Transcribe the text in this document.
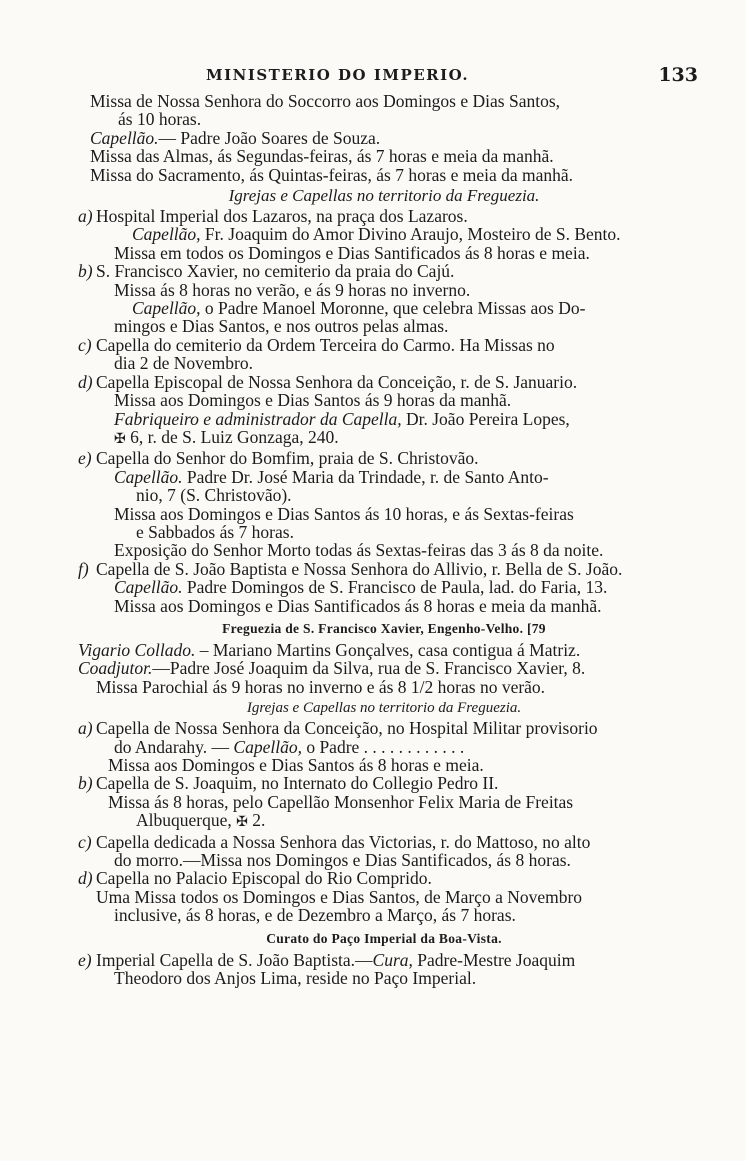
MINISTERIO DO IMPERIO.	133
Missa de Nossa Senhora do Soccorro aos Domingos e Dias Santos,
ás 10 horas.
Capellão.— Padre João Soares de Souza.
Missa das Almas, ás Segundas-feiras, ás 7 horas e meia da manhã.
Missa do Sacramento, ás Quintas-feiras, ás 7 horas e meia da manhã.
Igrejas e Capellas no territorio da Freguezia.
a) Hospital Imperial dos Lazaros, na praça dos Lazaros.
Capellão, Fr. Joaquim do Amor Divino Araujo, Mosteiro de S. Bento.
Missa em todos os Domingos e Dias Santificados ás 8 horas e meia.
b) S. Francisco Xavier, no cemiterio da praia do Cajú.
Missa ás 8 horas no verão, e ás 9 horas no inverno.
Capellão, o Padre Manoel Moronne, que celebra Missas aos Do-
mingos e Dias Santos, e nos outros pelas almas.
c) Capella do cemiterio da Ordem Terceira do Carmo. Ha Missas no
dia 2 de Novembro.
d) Capella Episcopal de Nossa Senhora da Conceição, r. de S. Januario.
Missa aos Domingos e Dias Santos ás 9 horas da manhã.
Fabriqueiro e administrador da Capella, Dr. João Pereira Lopes,
✠ 6, r. de S. Luiz Gonzaga, 240.
e) Capella do Senhor do Bomfim, praia de S. Christovão.
Capellão. Padre Dr. José Maria da Trindade, r. de Santo Anto-
nio, 7 (S. Christovão).
Missa aos Domingos e Dias Santos ás 10 horas, e ás Sextas-feiras
e Sabbados ás 7 horas.
Exposição do Senhor Morto todas ás Sextas-feiras das 3 ás 8 da noite.
f) Capella de S. João Baptista e Nossa Senhora do Allivio, r. Bella de S. João.
Capellão. Padre Domingos de S. Francisco de Paula, lad. do Faria, 13.
Missa aos Domingos e Dias Santificados ás 8 horas e meia da manhã.
Freguezia de S. Francisco Xavier, Engenho-Velho. [79
Vigario Collado. – Mariano Martins Gonçalves, casa contigua á Matriz.
Coadjutor.—Padre José Joaquim da Silva, rua de S. Francisco Xavier, 8.
Missa Parochial ás 9 horas no inverno e ás 8 1/2 horas no verão.
Igrejas e Capellas no territorio da Freguezia.
a) Capella de Nossa Senhora da Conceição, no Hospital Militar provisorio
do Andarahy. — Capellão, o Padre . . . . . . . . . . . .
Missa aos Domingos e Dias Santos ás 8 horas e meia.
b) Capella de S. Joaquim, no Internato do Collegio Pedro II.
Missa ás 8 horas, pelo Capellão Monsenhor Felix Maria de Freitas
Albuquerque, ✠ 2.
c) Capella dedicada a Nossa Senhora das Victorias, r. do Mattoso, no alto
do morro.—Missa nos Domingos e Dias Santificados, ás 8 horas.
d) Capella no Palacio Episcopal do Rio Comprido.
Uma Missa todos os Domingos e Dias Santos, de Março a Novembro
inclusive, ás 8 horas, e de Dezembro a Março, ás 7 horas.
Curato do Paço Imperial da Boa-Vista.
e) Imperial Capella de S. João Baptista.—Cura, Padre-Mestre Joaquim
Theodoro dos Anjos Lima, reside no Paço Imperial.
